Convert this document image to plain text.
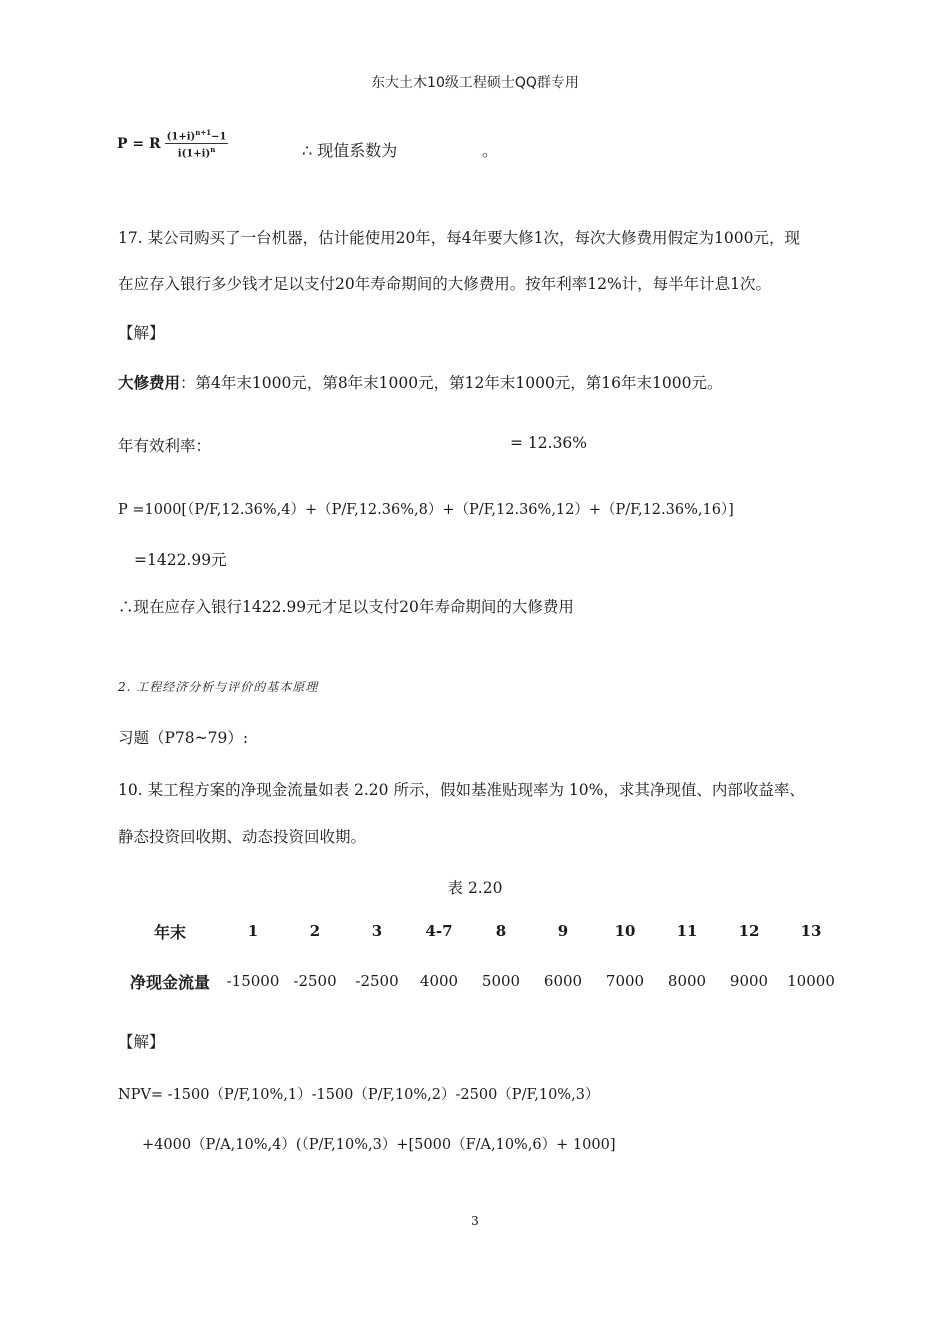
东大土木10级工程硕士QQ群专用
P = R $\frac{(1+i)^{n+1}-1}{i(1+i)^n}$	∴ 现值系数为	。
17. 某公司购买了一台机器，估计能使用20年，每4年要大修1次，每次大修费用假定为1000元，现
在应存入银行多少钱才足以支付20年寿命期间的大修费用。按年利率12%计，每半年计息1次。
【解】
大修费用：第4年末1000元，第8年末1000元，第12年末1000元，第16年末1000元。
年有效利率：	= 12.36%
P =1000[（P/F,12.36%,4）+（P/F,12.36%,8）+（P/F,12.36%,12）+（P/F,12.36%,16）]
=1422.99元
∴现在应存入银行1422.99元才足以支付20年寿命期间的大修费用
2. 工程经济分析与评价的基本原理
习题（P78~79）:
10. 某工程方案的净现金流量如表 2.20 所示，假如基准贴现率为 10%，求其净现值、内部收益率、
静态投资回收期、动态投资回收期。
表 2.20
年末	1	2	3	4-7	8	9	10	11	12	13
净现金流量	-15000	-2500	-2500	4000	5000	6000	7000	8000	9000	10000
【解】
NPV= -1500（P/F,10%,1）-1500（P/F,10%,2）-2500（P/F,10%,3）
+4000（P/A,10%,4）(（P/F,10%,3）+[5000（F/A,10%,6）+ 1000]
3
